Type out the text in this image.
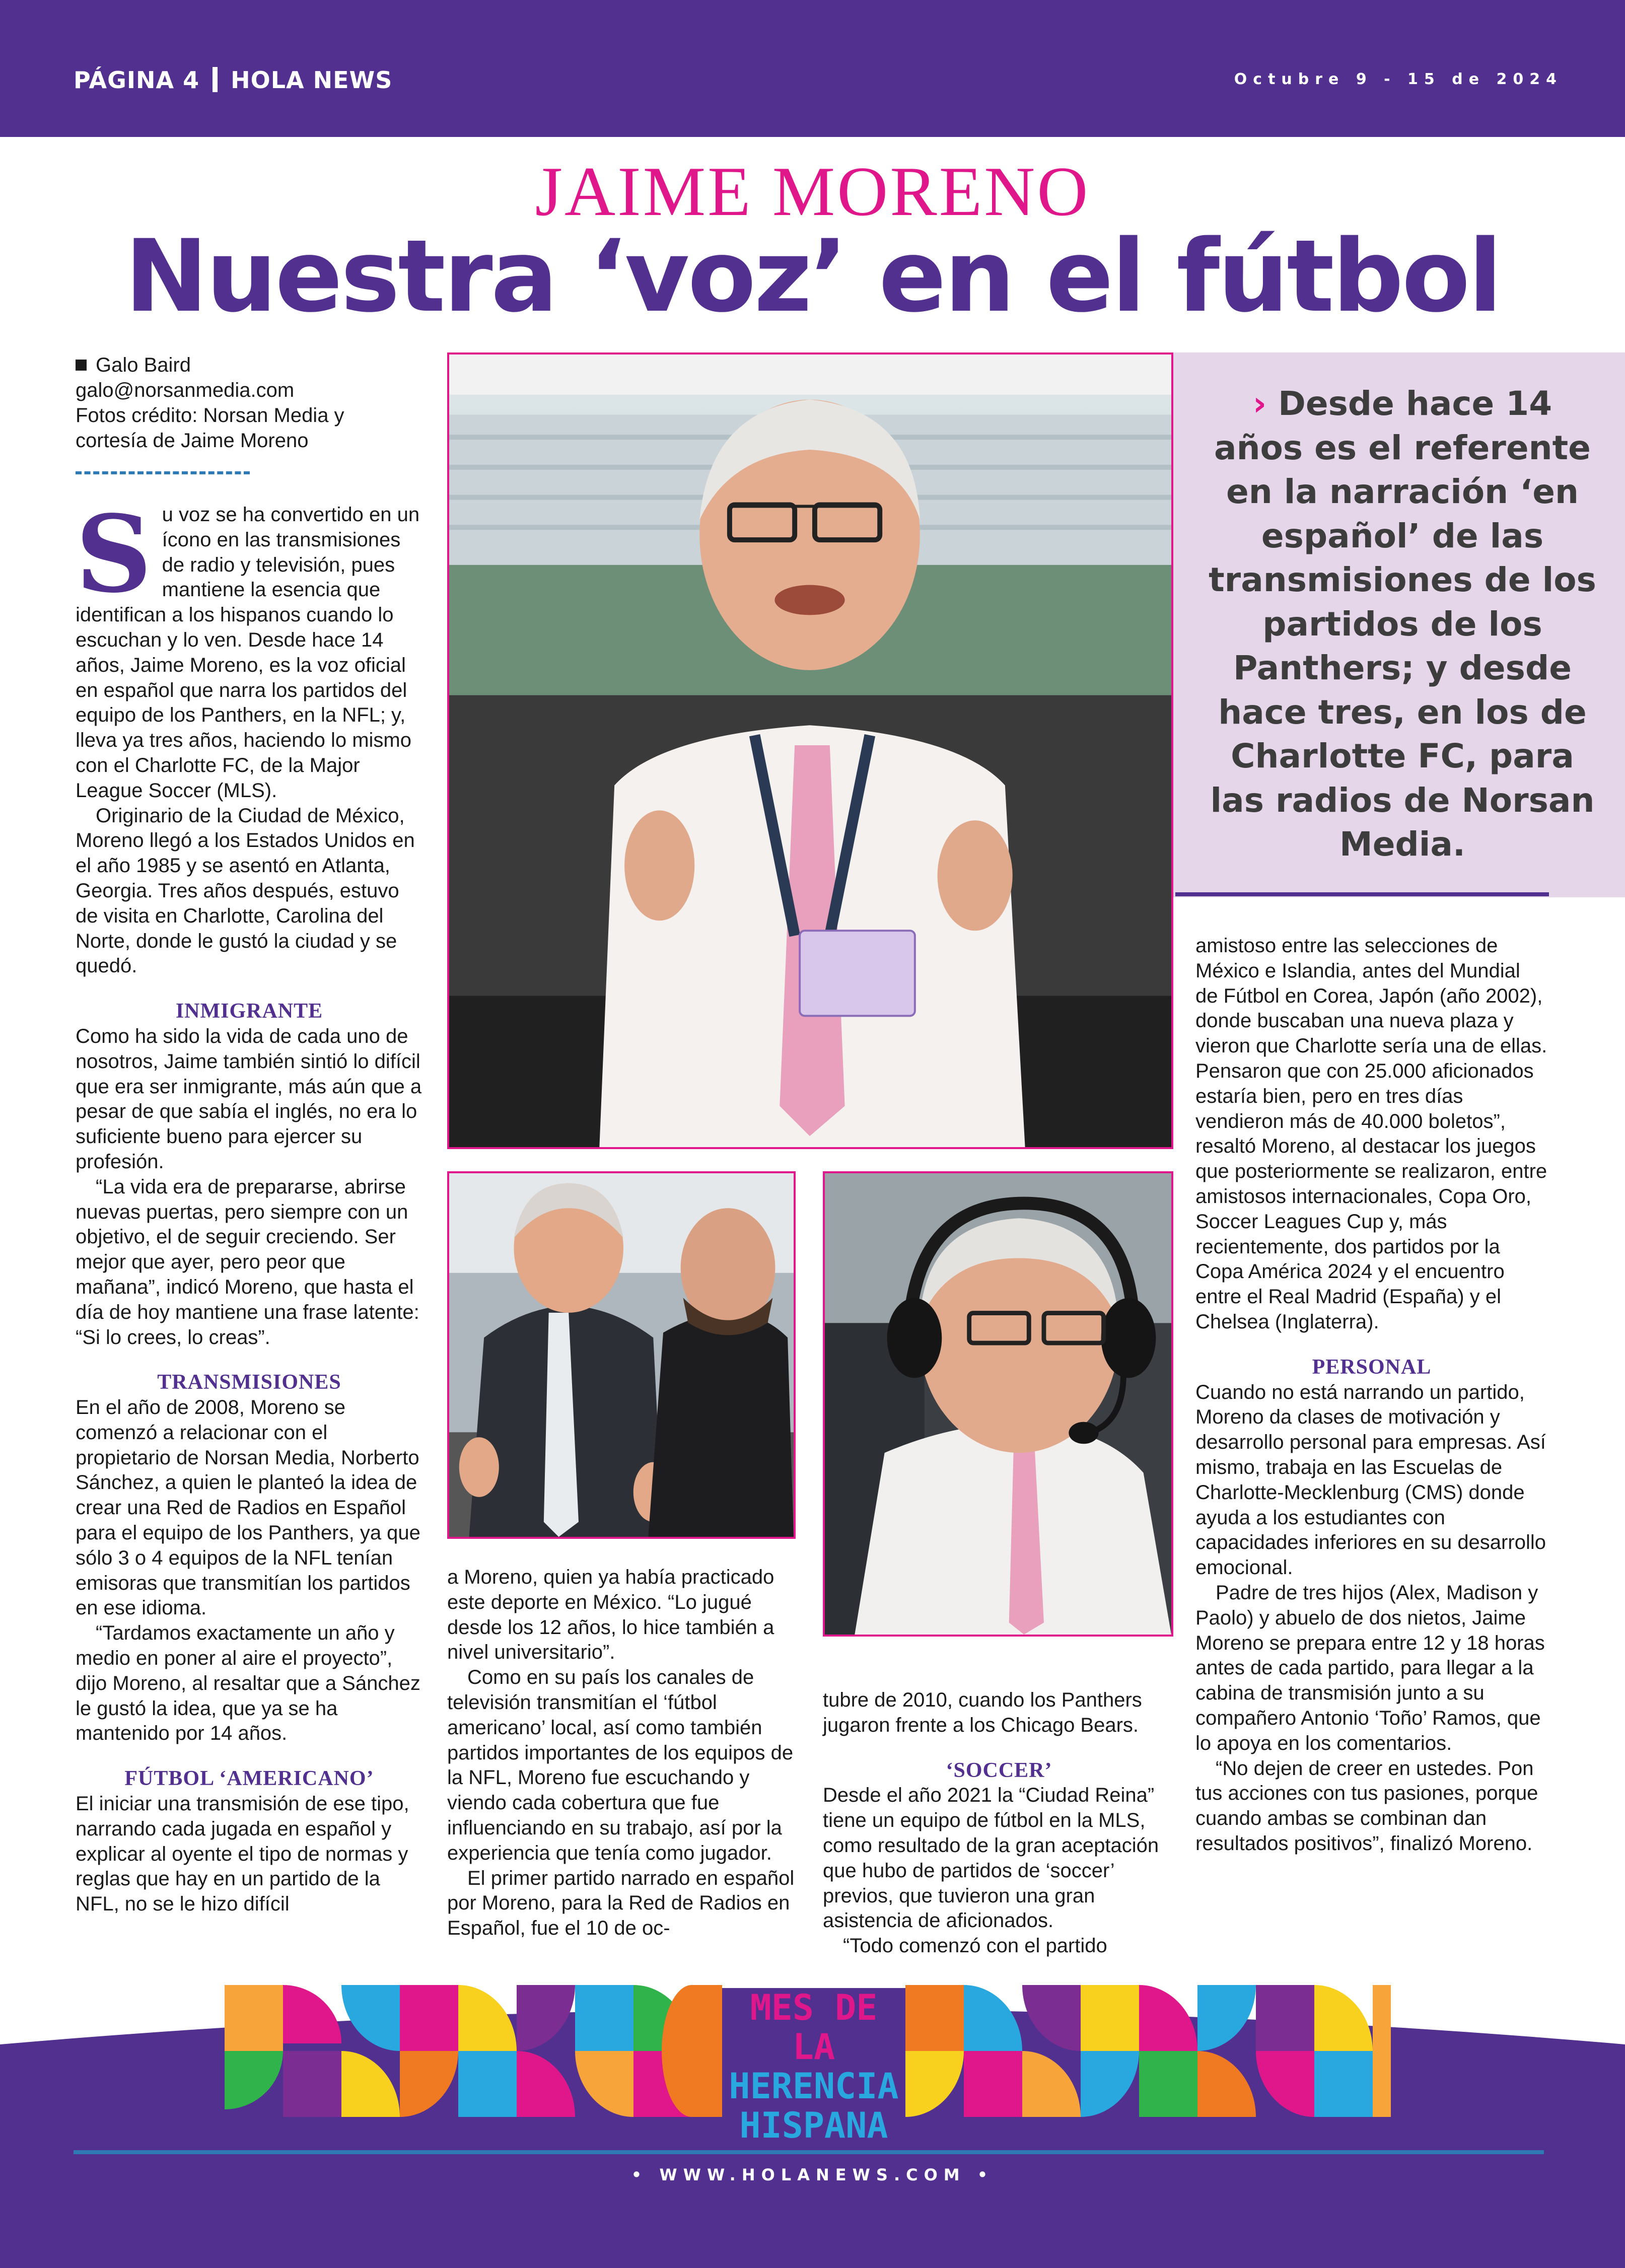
PÁGINA 4 HOLA NEWS	Octubre 9 - 15 de 2024
JAIME MORENO
Nuestra ‘voz’ en el fútbol
Galo Baird
galo@norsanmedia.com
Fotos crédito: Norsan Media y cortesía de Jaime Moreno

Su voz se ha convertido en un ícono en las transmisiones de radio y televisión, pues mantiene la esencia que identifican a los hispanos cuando lo escuchan y lo ven. Desde hace 14 años, Jaime Moreno, es la voz oficial en español que narra los partidos del equipo de los Panthers, en la NFL; y, lleva ya tres años, haciendo lo mismo con el Charlotte FC, de la Major League Soccer (MLS).

Originario de la Ciudad de México, Moreno llegó a los Estados Unidos en el año 1985 y se asentó en Atlanta, Georgia. Tres años después, estuvo de visita en Charlotte, Carolina del Norte, donde le gustó la ciudad y se quedó.

INMIGRANTE

Como ha sido la vida de cada uno de nosotros, Jaime también sintió lo difícil que era ser inmigrante, más aún que a pesar de que sabía el inglés, no era lo suficiente bueno para ejercer su profesión.

“La vida era de prepararse, abrirse nuevas puertas, pero siempre con un objetivo, el de seguir creciendo. Ser mejor que ayer, pero peor que mañana”, indicó Moreno, que hasta el día de hoy mantiene una frase latente: “Si lo crees, lo creas”.

TRANSMISIONES

En el año de 2008, Moreno se comenzó a relacionar con el propietario de Norsan Media, Norberto Sánchez, a quien le planteó la idea de crear una Red de Radios en Español para el equipo de los Panthers, ya que sólo 3 o 4 equipos de la NFL tenían emisoras que transmitían los partidos en ese idioma.

“Tardamos exactamente un año y medio en poner al aire el proyecto”, dijo Moreno, al resaltar que a Sánchez le gustó la idea, que ya se ha mantenido por 14 años.

FÚTBOL ‘AMERICANO’

El iniciar una transmisión de ese tipo, narrando cada jugada en español y explicar al oyente el tipo de normas y reglas que hay en un partido de la NFL, no se le hizo difícil

a Moreno, quien ya había practicado este deporte en México. “Lo jugué desde los 12 años, lo hice también a nivel universitario”.

Como en su país los canales de televisión transmitían el ‘fútbol americano’ local, así como también partidos importantes de los equipos de la NFL, Moreno fue escuchando y viendo cada cobertura que fue influenciando en su trabajo, así por la experiencia que tenía como jugador.

El primer partido narrado en español por Moreno, para la Red de Radios en Español, fue el 10 de oc-

tubre de 2010, cuando los Panthers jugaron frente a los Chicago Bears.

‘SOCCER’

Desde el año 2021 la “Ciudad Reina” tiene un equipo de fútbol en la MLS, como resultado de la gran aceptación que hubo de partidos de ‘soccer’ previos, que tuvieron una gran asistencia de aficionados.

“Todo comenzó con el partido

amistoso entre las selecciones de México e Islandia, antes del Mundial de Fútbol en Corea, Japón (año 2002), donde buscaban una nueva plaza y vieron que Charlotte sería una de ellas. Pensaron que con 25.000 aficionados estaría bien, pero en tres días vendieron más de 40.000 boletos”, resaltó Moreno, al destacar los juegos que posteriormente se realizaron, entre amistosos internacionales, Copa Oro, Soccer Leagues Cup y, más recientemente, dos partidos por la Copa América 2024 y el encuentro entre el Real Madrid (España) y el Chelsea (Inglaterra).

PERSONAL

Cuando no está narrando un partido, Moreno da clases de motivación y desarrollo personal para empresas. Así mismo, trabaja en las Escuelas de Charlotte-Mecklenburg (CMS) donde ayuda a los estudiantes con capacidades inferiores en su desarrollo emocional.

Padre de tres hijos (Alex, Madison y Paolo) y abuelo de dos nietos, Jaime Moreno se prepara entre 12 y 18 horas antes de cada partido, para llegar a la cabina de transmisión junto a su compañero Antonio ‘Toño’ Ramos, que lo apoya en los comentarios.

“No dejen de creer en ustedes. Pon tus acciones con tus pasiones, porque cuando ambas se combinan dan resultados positivos”, finalizó Moreno.

› Desde hace 14 años es el referente en la narración ‘en español’ de las transmisiones de los partidos de los Panthers; y desde hace tres, en los de Charlotte FC, para las radios de Norsan Media.
MES DE LA
HERENCIA
HISPANA
• WWW.HOLANEWS.COM •
